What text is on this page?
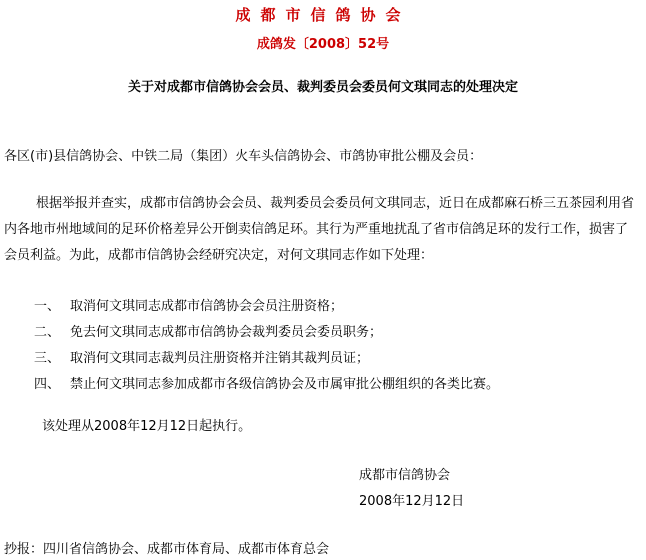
成都市信鸽协会
成鸽发〔2008〕52号
关于对成都市信鸽协会会员、裁判委员会委员何文琪同志的处理决定
各区(市)县信鸽协会、中铁二局（集团）火车头信鸽协会、市鸽协审批公棚及会员：
根据举报并查实，成都市信鸽协会会员、裁判委员会委员何文琪同志，近日在成都麻石桥三五茶园利用省内各地市州地域间的足环价格差异公开倒卖信鸽足环。其行为严重地扰乱了省市信鸽足环的发行工作，损害了会员利益。为此，成都市信鸽协会经研究决定，对何文琪同志作如下处理：
一、 取消何文琪同志成都市信鸽协会会员注册资格；
二、 免去何文琪同志成都市信鸽协会裁判委员会委员职务；
三、 取消何文琪同志裁判员注册资格并注销其裁判员证；
四、 禁止何文琪同志参加成都市各级信鸽协会及市属审批公棚组织的各类比赛。
该处理从2008年12月12日起执行。
成都市信鸽协会
2008年12月12日
抄报：四川省信鸽协会、成都市体育局、成都市体育总会
